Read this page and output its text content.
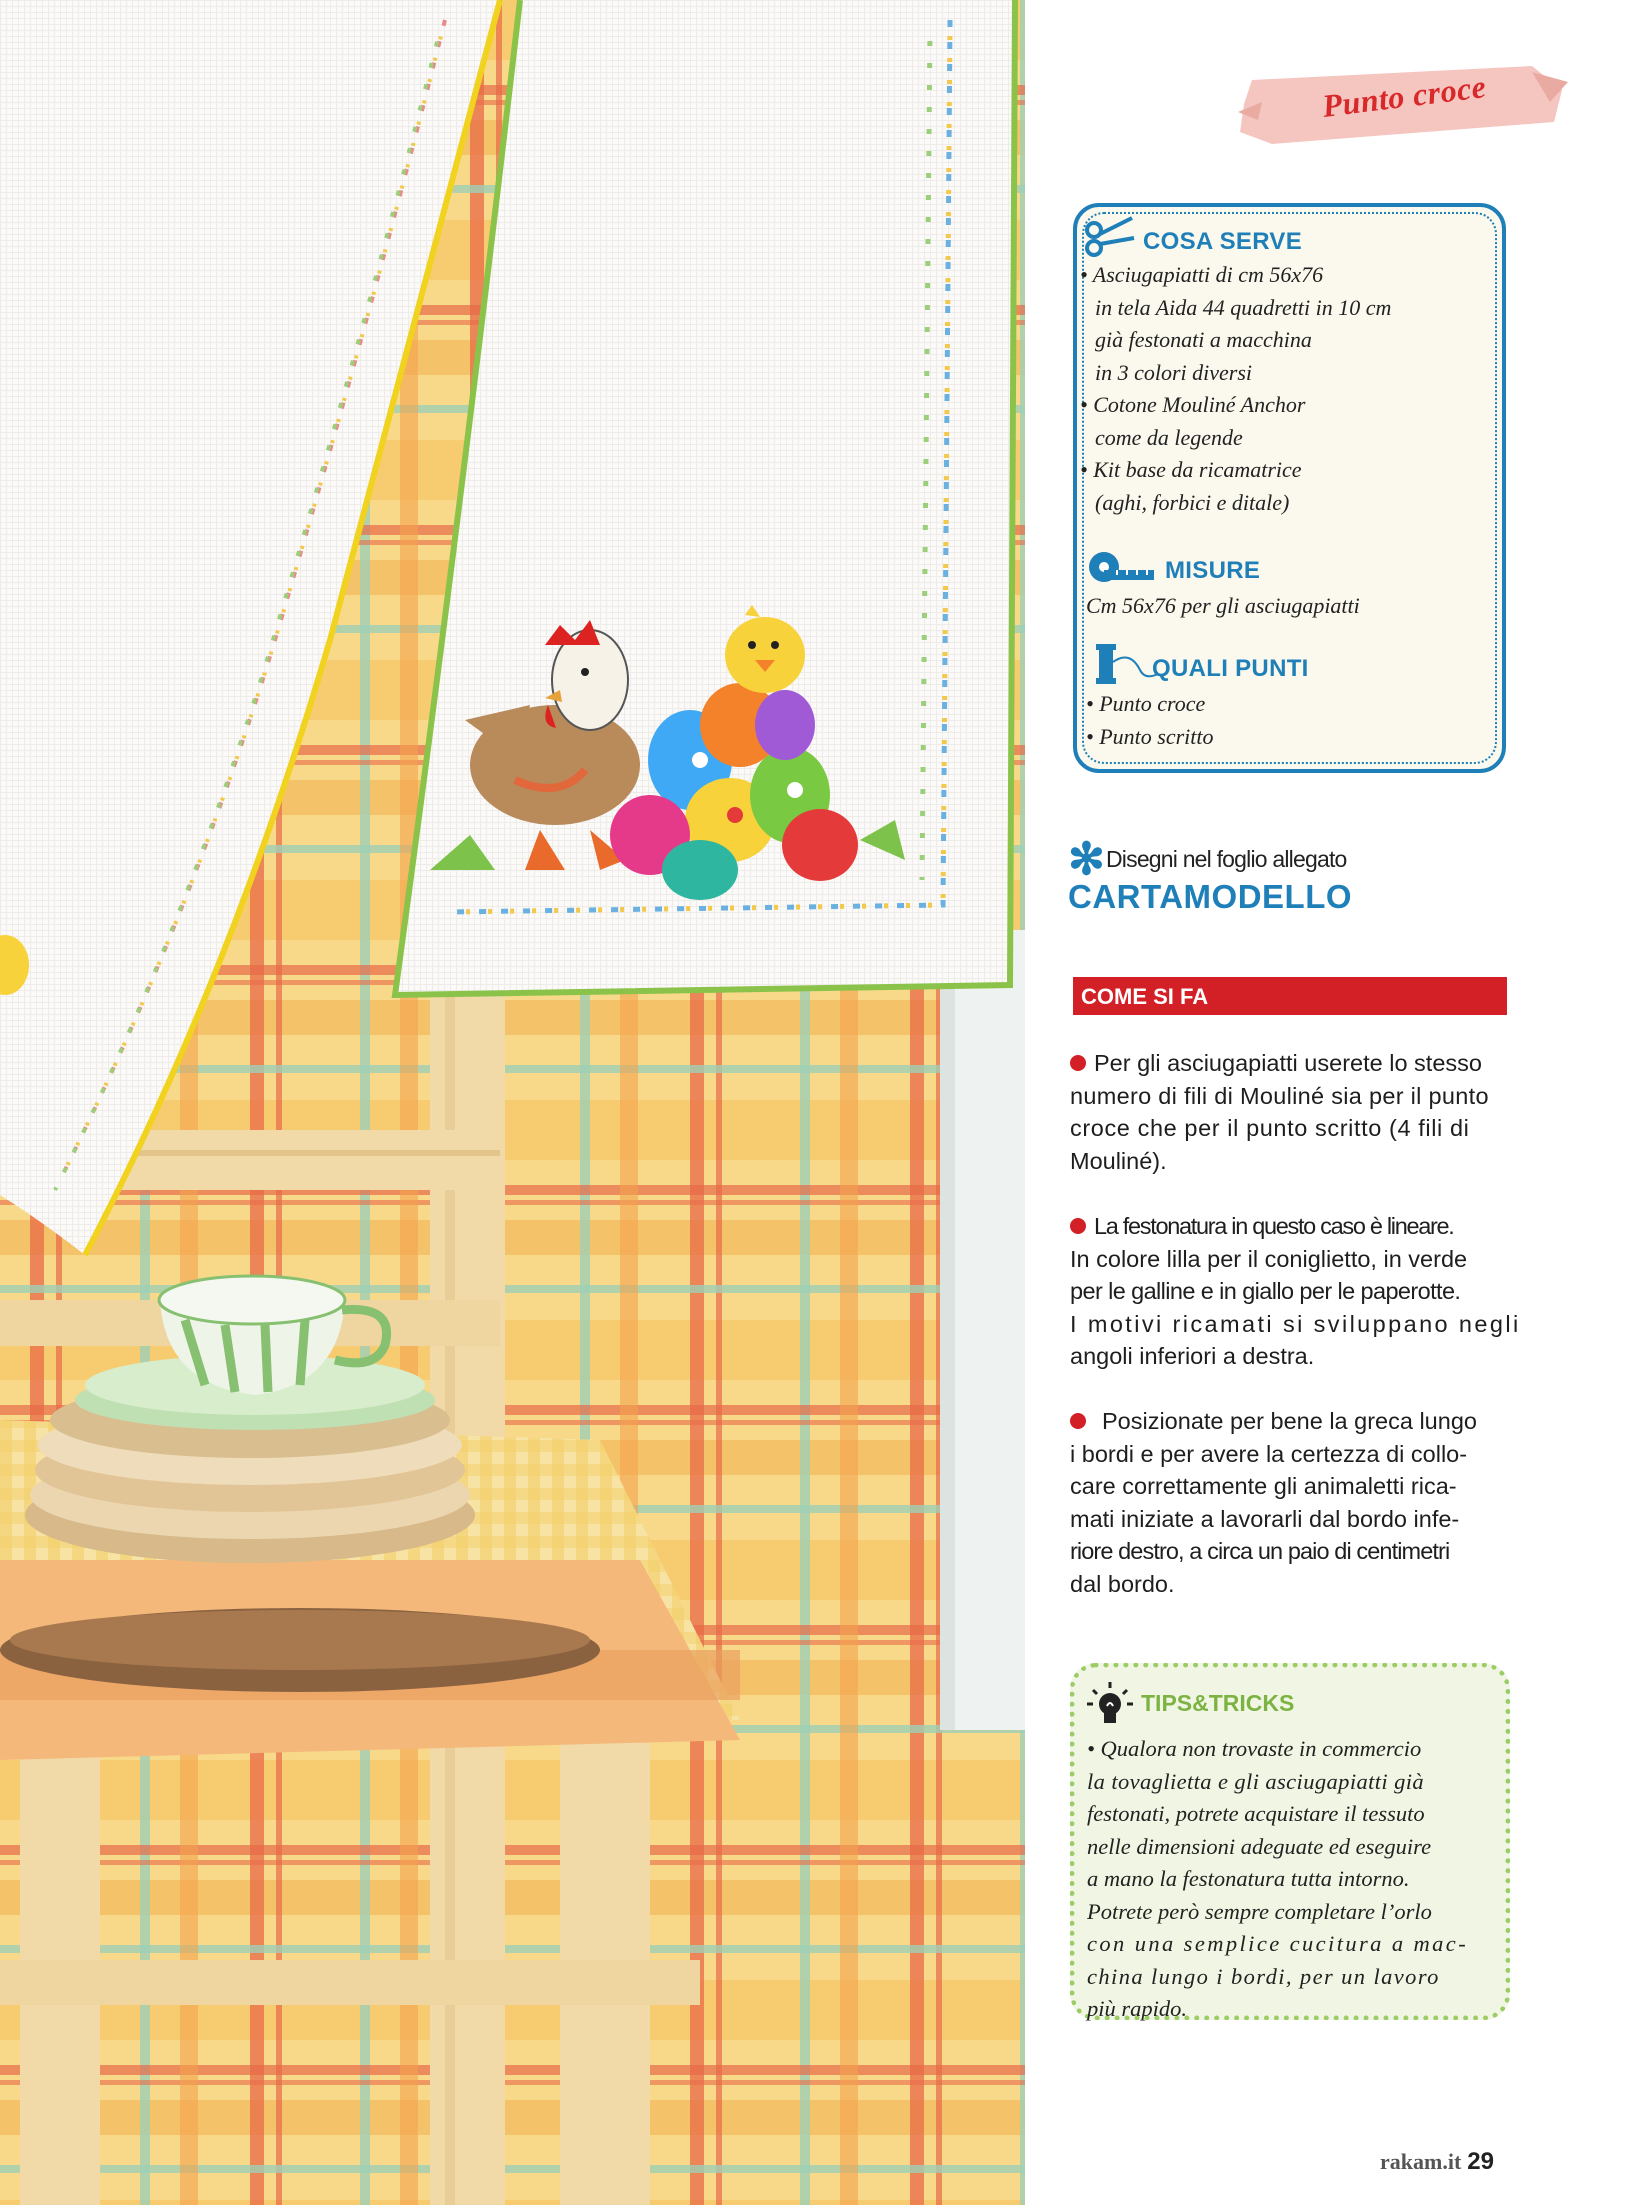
Punto croce
COSA SERVE
• Asciugapiatti di cm 56x76
in tela Aida 44 quadretti in 10 cm
già festonati a macchina
in 3 colori diversi
• Cotone Mouliné Anchor
come da legende
• Kit base da ricamatrice
(aghi, forbici e ditale)
MISURE
Cm 56x76 per gli asciugapiatti
QUALI PUNTI
• Punto croce
• Punto scritto
✻ Disegni nel foglio allegato
CARTAMODELLO
COME SI FA
Per gli asciugapiatti userete lo stesso
numero di fili di Mouliné sia per il punto
croce che per il punto scritto (4 fili di
Mouliné).
La festonatura in questo caso è lineare.
In colore lilla per il coniglietto, in verde
per le galline e in giallo per le paperotte.
I motivi ricamati si sviluppano negli
angoli inferiori a destra.
Posizionate per bene la greca lungo
i bordi e per avere la certezza di collo-
care correttamente gli animaletti rica-
mati iniziate a lavorarli dal bordo infe-
riore destro, a circa un paio di centimetri
dal bordo.
TIPS&TRICKS
• Qualora non trovaste in commercio
la tovaglietta e gli asciugapiatti già
festonati, potrete acquistare il tessuto
nelle dimensioni adeguate ed eseguire
a mano la festonatura tutta intorno.
Potrete però sempre completare l’orlo
con una semplice cucitura a mac-
china lungo i bordi, per un lavoro
più rapido.
rakam.it 29
